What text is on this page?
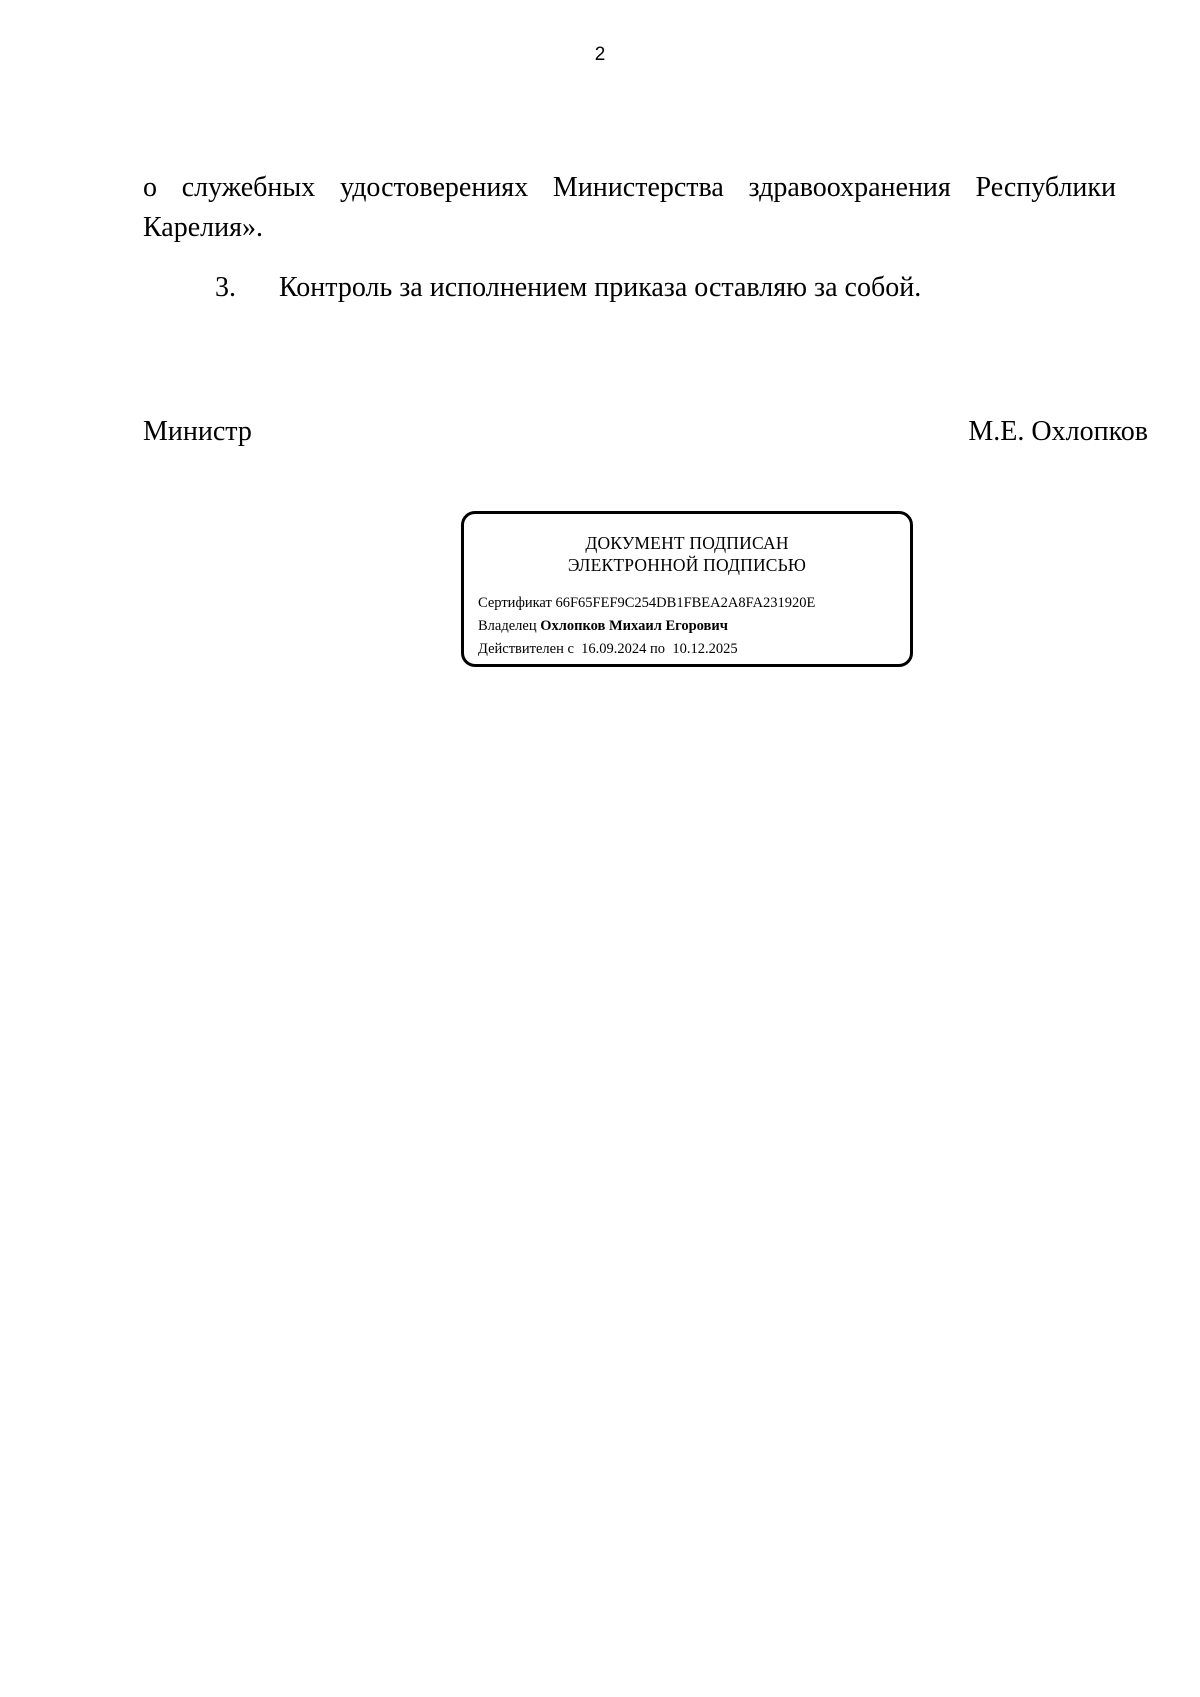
2
о служебных удостоверениях Министерства здравоохранения Республики
Карелия».
3. Контроль за исполнением приказа оставляю за собой.
Министр	М.Е. Охлопков
ДОКУМЕНТ ПОДПИСАН
ЭЛЕКТРОННОЙ ПОДПИСЬЮ
Сертификат 66F65FEF9C254DB1FBEA2A8FA231920E
Владелец Охлопков Михаил Егорович
Действителен с 16.09.2024 по 10.12.2025
